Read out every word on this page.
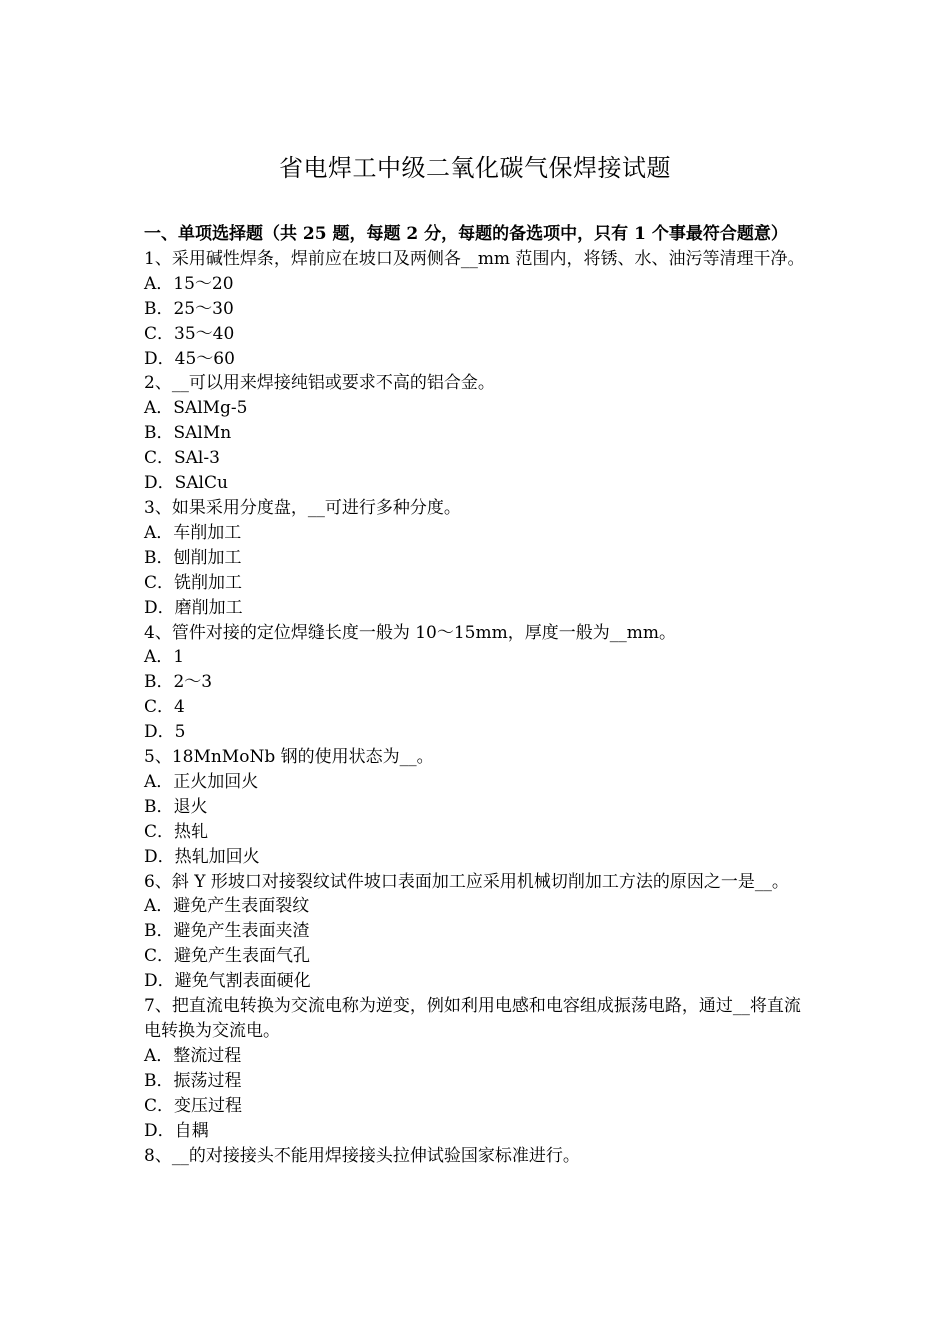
省电焊工中级二氧化碳气保焊接试题
一、单项选择题（共 25 题，每题 2 分，每题的备选项中，只有 1 个事最符合题意）
1、采用碱性焊条，焊前应在坡口及两侧各__mm 范围内，将锈、水、油污等清理干净。
A．15～20
B．25～30
C．35～40
D．45～60
2、__可以用来焊接纯铝或要求不高的铝合金。
A．SAlMg-5
B．SAlMn
C．SAl-3
D．SAlCu
3、如果采用分度盘，__可进行多种分度。
A．车削加工
B．刨削加工
C．铣削加工
D．磨削加工
4、管件对接的定位焊缝长度一般为 10～15mm，厚度一般为__mm。
A．1
B．2～3
C．4
D．5
5、18MnMoNb 钢的使用状态为__。
A．正火加回火
B．退火
C．热轧
D．热轧加回火
6、斜 Y 形坡口对接裂纹试件坡口表面加工应采用机械切削加工方法的原因之一是__。
A．避免产生表面裂纹
B．避免产生表面夹渣
C．避免产生表面气孔
D．避免气割表面硬化
7、把直流电转换为交流电称为逆变，例如利用电感和电容组成振荡电路，通过__将直流电转换为交流电。
A．整流过程
B．振荡过程
C．变压过程
D．自耦
8、__的对接接头不能用焊接接头拉伸试验国家标准进行。
